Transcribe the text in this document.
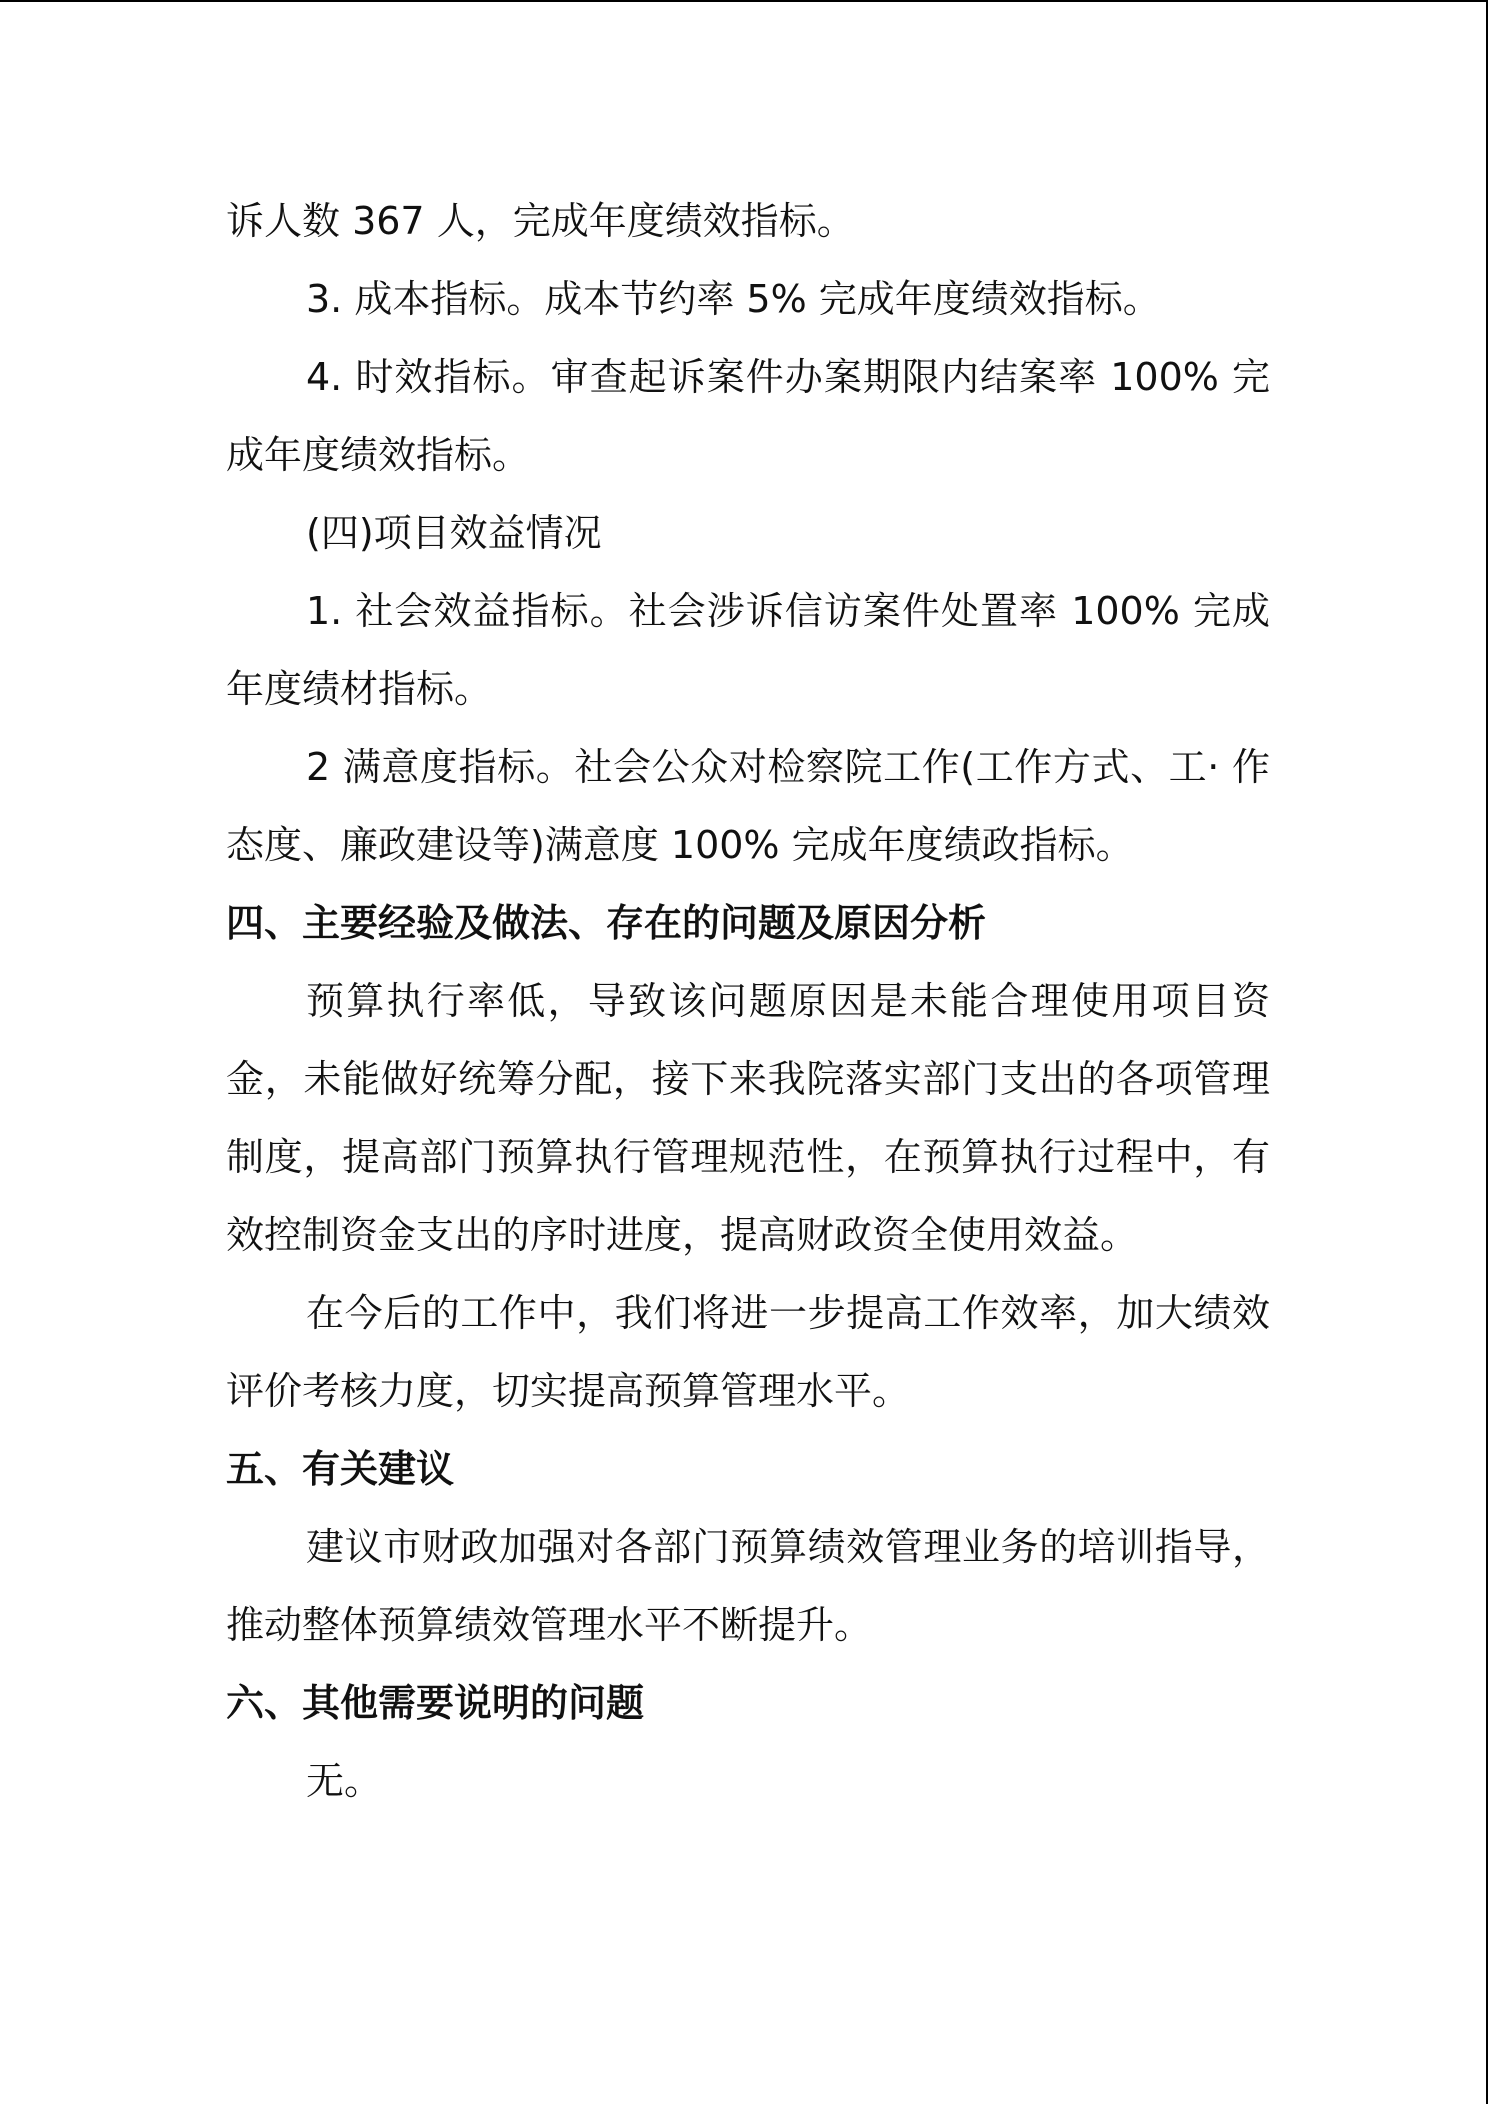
诉人数 367 人，完成年度绩效指标。

3. 成本指标。成本节约率 5% 完成年度绩效指标。

4. 时效指标。审查起诉案件办案期限内结案率 100% 完成年度绩效指标。

(四)项目效益情况

1. 社会效益指标。社会涉诉信访案件处置率 100% 完成年度绩材指标。

2 满意度指标。社会公众对检察院工作(工作方式、工· 作态度、廉政建设等)满意度 100% 完成年度绩政指标。

四、主要经验及做法、存在的问题及原因分析

预算执行率低，导致该问题原因是未能合理使用项目资金，未能做好统筹分配，接下来我院落实部门支出的各项管理制度，提高部门预算执行管理规范性，在预算执行过程中，有效控制资金支出的序时进度，提高财政资全使用效益。

在今后的工作中，我们将进一步提高工作效率，加大绩效评价考核力度，切实提高预算管理水平。

五、有关建议

建议市财政加强对各部门预算绩效管理业务的培训指导，推动整体预算绩效管理水平不断提升。

六、其他需要说明的问题

无。
